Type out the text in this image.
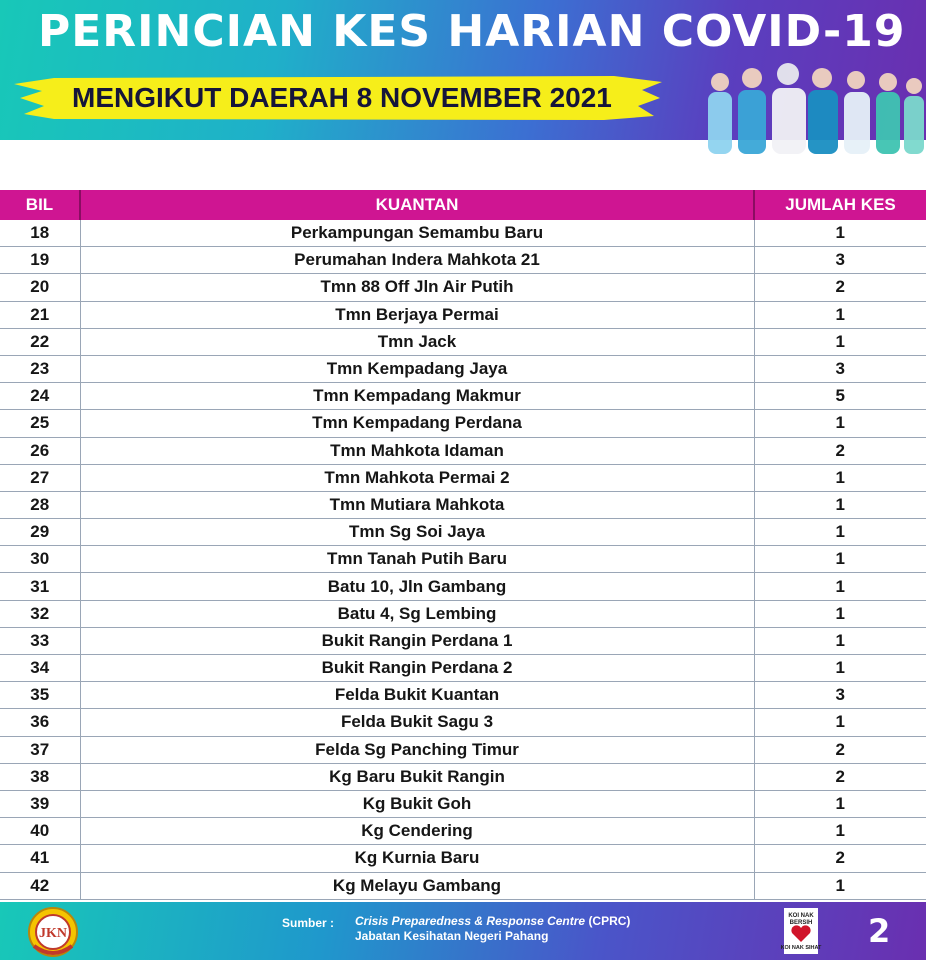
PERINCIAN KES HARIAN COVID-19
MENGIKUT DAERAH 8 NOVEMBER 2021
BIL	KUANTAN	JUMLAH KES
18	Perkampungan Semambu Baru	1
19	Perumahan Indera Mahkota 21	3
20	Tmn 88 Off Jln Air Putih	2
21	Tmn Berjaya Permai	1
22	Tmn Jack	1
23	Tmn Kempadang Jaya	3
24	Tmn Kempadang Makmur	5
25	Tmn Kempadang Perdana	1
26	Tmn Mahkota Idaman	2
27	Tmn Mahkota Permai 2	1
28	Tmn Mutiara Mahkota	1
29	Tmn Sg Soi Jaya	1
30	Tmn Tanah Putih Baru	1
31	Batu 10, Jln Gambang	1
32	Batu 4, Sg Lembing	1
33	Bukit Rangin Perdana 1	1
34	Bukit Rangin Perdana 2	1
35	Felda Bukit Kuantan	3
36	Felda Bukit Sagu 3	1
37	Felda Sg Panching Timur	2
38	Kg Baru Bukit Rangin	2
39	Kg Bukit Goh	1
40	Kg Cendering	1
41	Kg Kurnia Baru	2
42	Kg Melayu Gambang	1
JKN
Sumber : Crisis Preparedness & Response Centre (CPRC)
Jabatan Kesihatan Negeri Pahang
KOI NAK
BERSIH
KOI NAK SIHAT 2
